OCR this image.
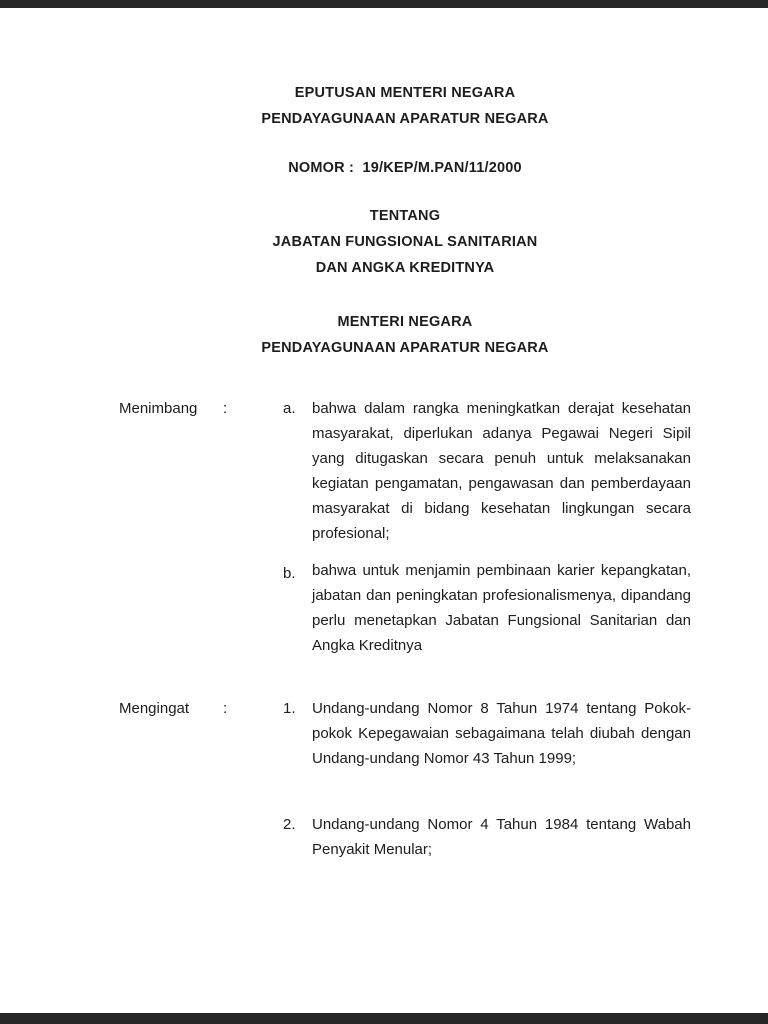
EPUTUSAN MENTERI NEGARA
PENDAYAGUNAAN APARATUR NEGARA
NOMOR :  19/KEP/M.PAN/11/2000
TENTANG
JABATAN FUNGSIONAL SANITARIAN
DAN ANGKA KREDITNYA
MENTERI NEGARA
PENDAYAGUNAAN APARATUR NEGARA
Menimbang	:	a.	bahwa dalam rangka meningkatkan derajat kesehatan masyarakat, diperlukan adanya Pegawai Negeri Sipil yang ditugaskan secara penuh untuk melaksanakan kegiatan pengamatan, pengawasan dan pemberdayaan masyarakat di bidang kesehatan lingkungan secara profesional;
b.	bahwa untuk menjamin pembinaan karier kepangkatan, jabatan dan peningkatan profesionalismenya, dipandang perlu menetapkan Jabatan Fungsional Sanitarian dan Angka Kreditnya
Mengingat	:	1.	Undang-undang Nomor 8 Tahun 1974 tentang Pokok-pokok Kepegawaian sebagaimana telah diubah dengan Undang-undang Nomor 43 Tahun 1999;
2.	Undang-undang Nomor 4 Tahun 1984 tentang Wabah Penyakit Menular;
